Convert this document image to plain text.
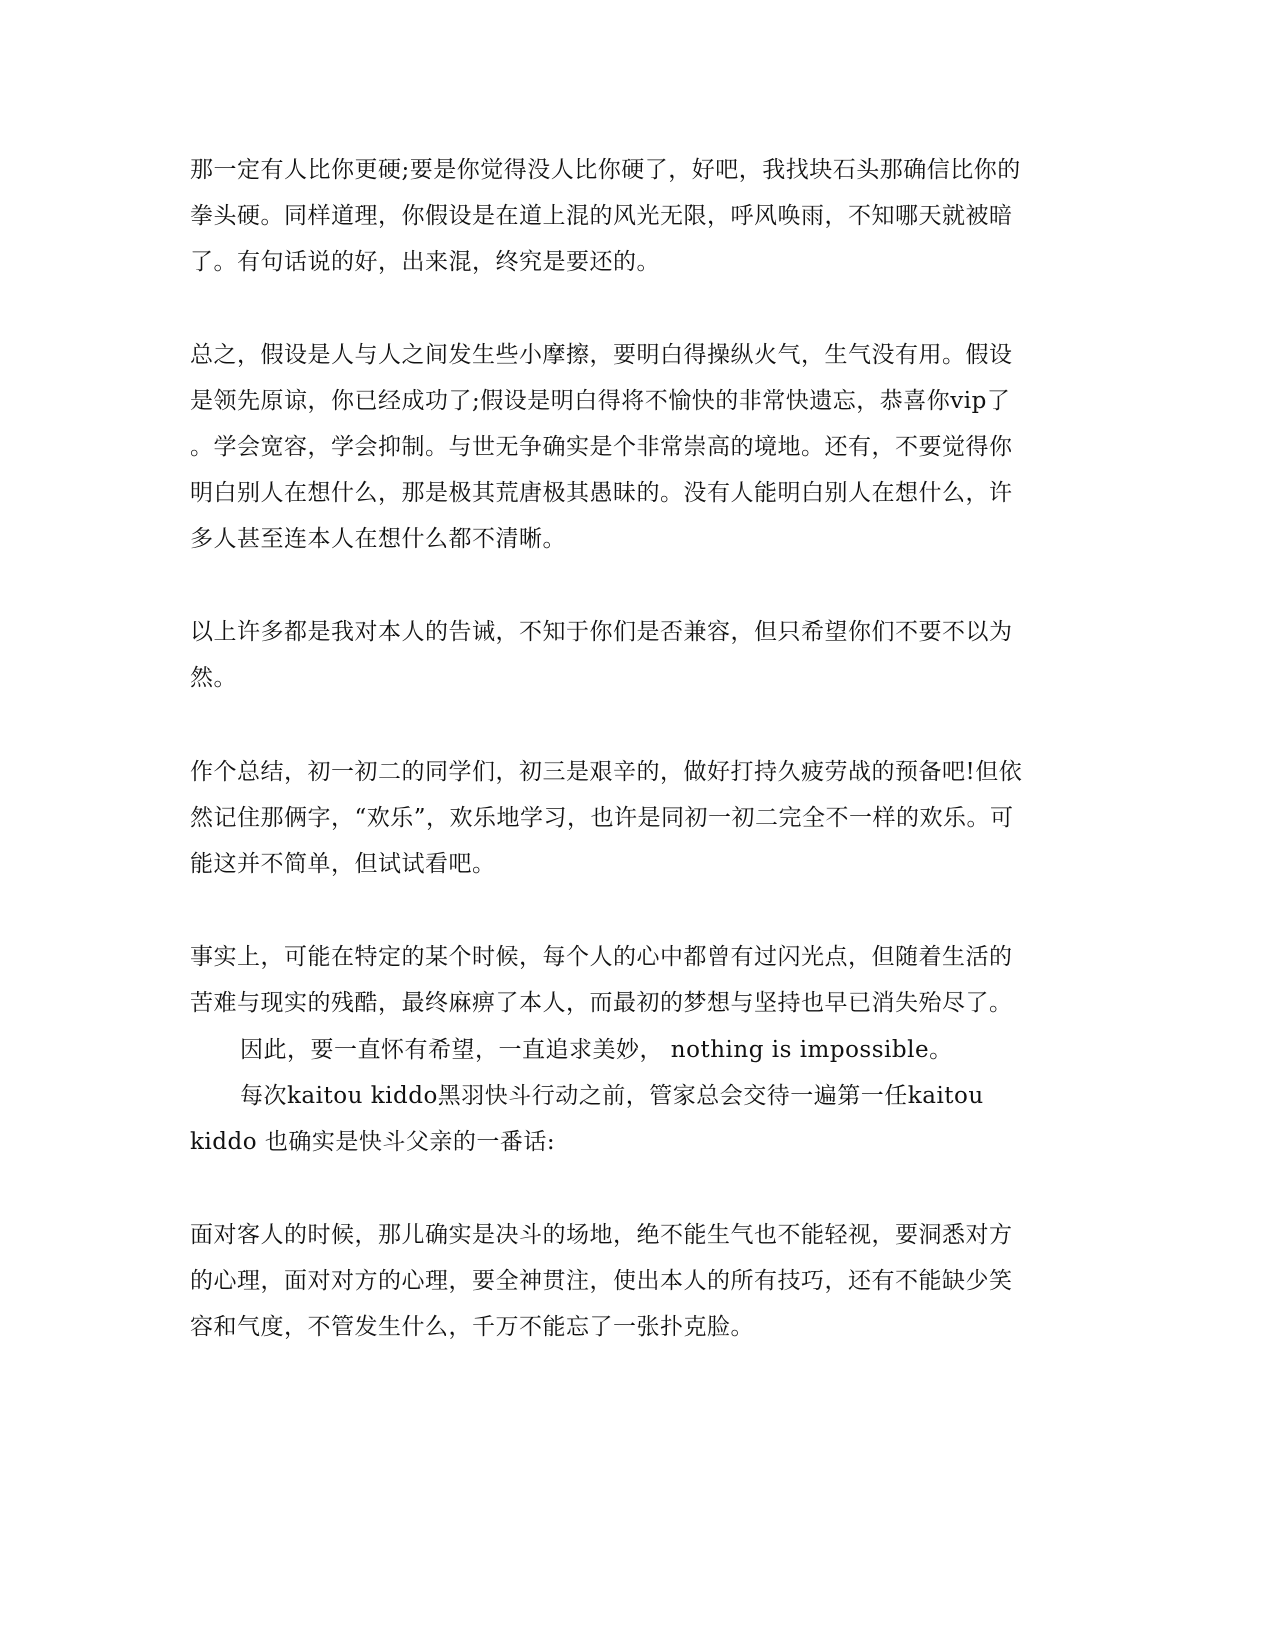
那一定有人比你更硬;要是你觉得没人比你硬了，好吧，我找块石头那确信比你的
拳头硬。同样道理，你假设是在道上混的风光无限，呼风唤雨，不知哪天就被暗
了。有句话说的好，出来混，终究是要还的。
总之，假设是人与人之间发生些小摩擦，要明白得操纵火气，生气没有用。假设
是领先原谅，你已经成功了;假设是明白得将不愉快的非常快遗忘，恭喜你vip了
。学会宽容，学会抑制。与世无争确实是个非常崇高的境地。还有，不要觉得你
明白别人在想什么，那是极其荒唐极其愚昧的。没有人能明白别人在想什么，许
多人甚至连本人在想什么都不清晰。
以上许多都是我对本人的告诫，不知于你们是否兼容，但只希望你们不要不以为
然。
作个总结，初一初二的同学们，初三是艰辛的，做好打持久疲劳战的预备吧!但依
然记住那俩字，“欢乐”，欢乐地学习，也许是同初一初二完全不一样的欢乐。可
能这并不简单，但试试看吧。
事实上，可能在特定的某个时候，每个人的心中都曾有过闪光点，但随着生活的
苦难与现实的残酷，最终麻痹了本人，而最初的梦想与坚持也早已消失殆尽了。
因此，要一直怀有希望，一直追求美妙， nothing is impossible。
每次kaitou kiddo黑羽快斗行动之前，管家总会交待一遍第一任kaitou
kiddo 也确实是快斗父亲的一番话:
面对客人的时候，那儿确实是决斗的场地，绝不能生气也不能轻视，要洞悉对方
的心理，面对对方的心理，要全神贯注，使出本人的所有技巧，还有不能缺少笑
容和气度，不管发生什么，千万不能忘了一张扑克脸。
